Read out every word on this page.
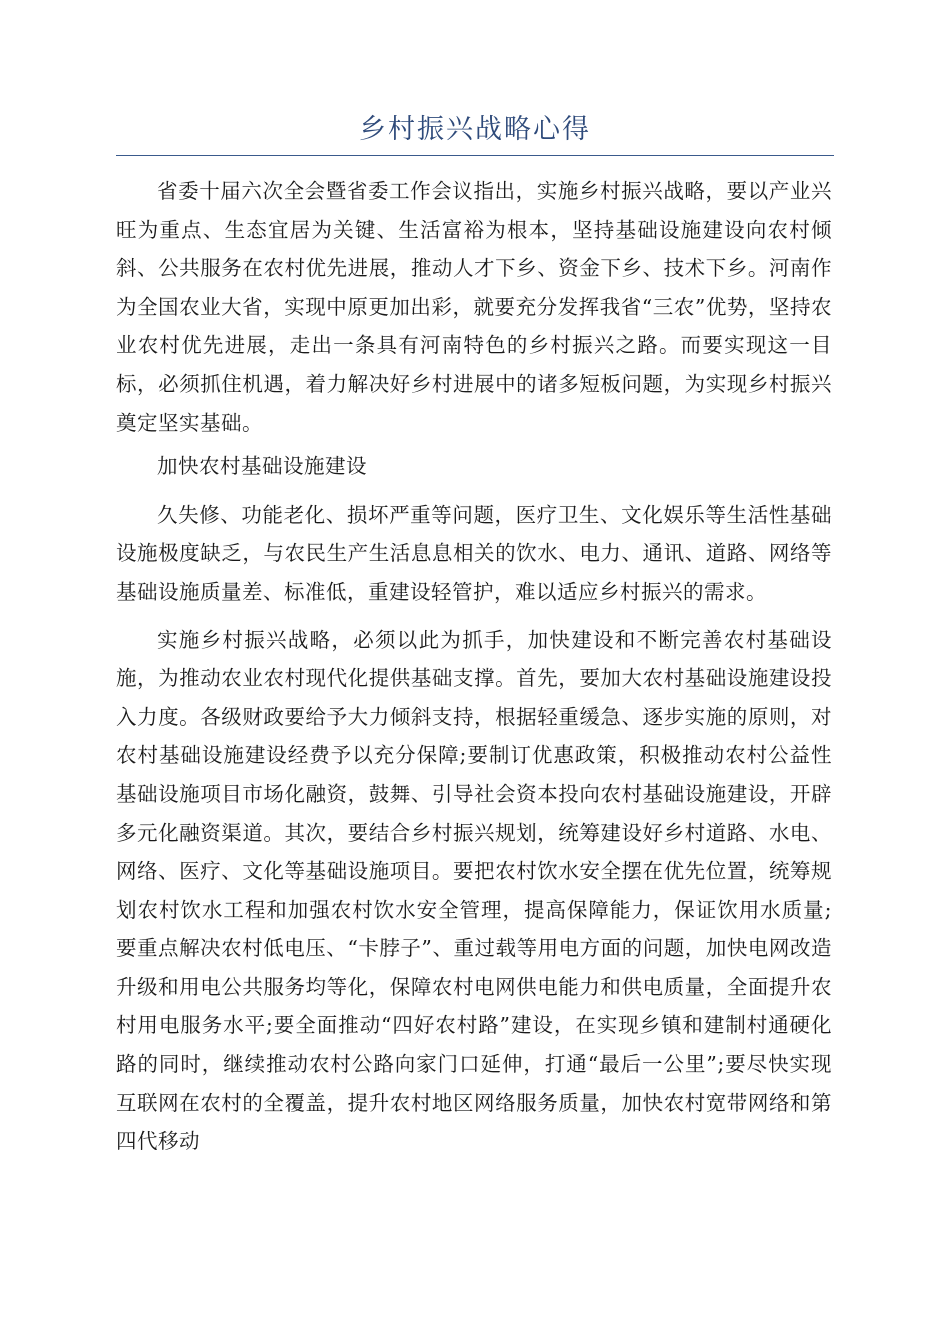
乡村振兴战略心得

省委十届六次全会暨省委工作会议指出，实施乡村振兴战略，要以产业兴旺为重点、生态宜居为关键、生活富裕为根本，坚持基础设施建设向农村倾斜、公共服务在农村优先进展，推动人才下乡、资金下乡、技术下乡。河南作为全国农业大省，实现中原更加出彩，就要充分发挥我省“三农”优势，坚持农业农村优先进展，走出一条具有河南特色的乡村振兴之路。而要实现这一目标，必须抓住机遇，着力解决好乡村进展中的诸多短板问题，为实现乡村振兴奠定坚实基础。

加快农村基础设施建设

久失修、功能老化、损坏严重等问题，医疗卫生、文化娱乐等生活性基础设施极度缺乏，与农民生产生活息息相关的饮水、电力、通讯、道路、网络等基础设施质量差、标准低，重建设轻管护，难以适应乡村振兴的需求。

实施乡村振兴战略，必须以此为抓手，加快建设和不断完善农村基础设施，为推动农业农村现代化提供基础支撑。首先，要加大农村基础设施建设投入力度。各级财政要给予大力倾斜支持，根据轻重缓急、逐步实施的原则，对农村基础设施建设经费予以充分保障;要制订优惠政策，积极推动农村公益性基础设施项目市场化融资，鼓舞、引导社会资本投向农村基础设施建设，开辟多元化融资渠道。其次，要结合乡村振兴规划，统筹建设好乡村道路、水电、网络、医疗、文化等基础设施项目。要把农村饮水安全摆在优先位置，统筹规划农村饮水工程和加强农村饮水安全管理，提高保障能力，保证饮用水质量;要重点解决农村低电压、“卡脖子”、重过载等用电方面的问题，加快电网改造升级和用电公共服务均等化，保障农村电网供电能力和供电质量，全面提升农村用电服务水平;要全面推动“四好农村路”建设，在实现乡镇和建制村通硬化路的同时，继续推动农村公路向家门口延伸，打通“最后一公里”;要尽快实现互联网在农村的全覆盖，提升农村地区网络服务质量，加快农村宽带网络和第四代移动
